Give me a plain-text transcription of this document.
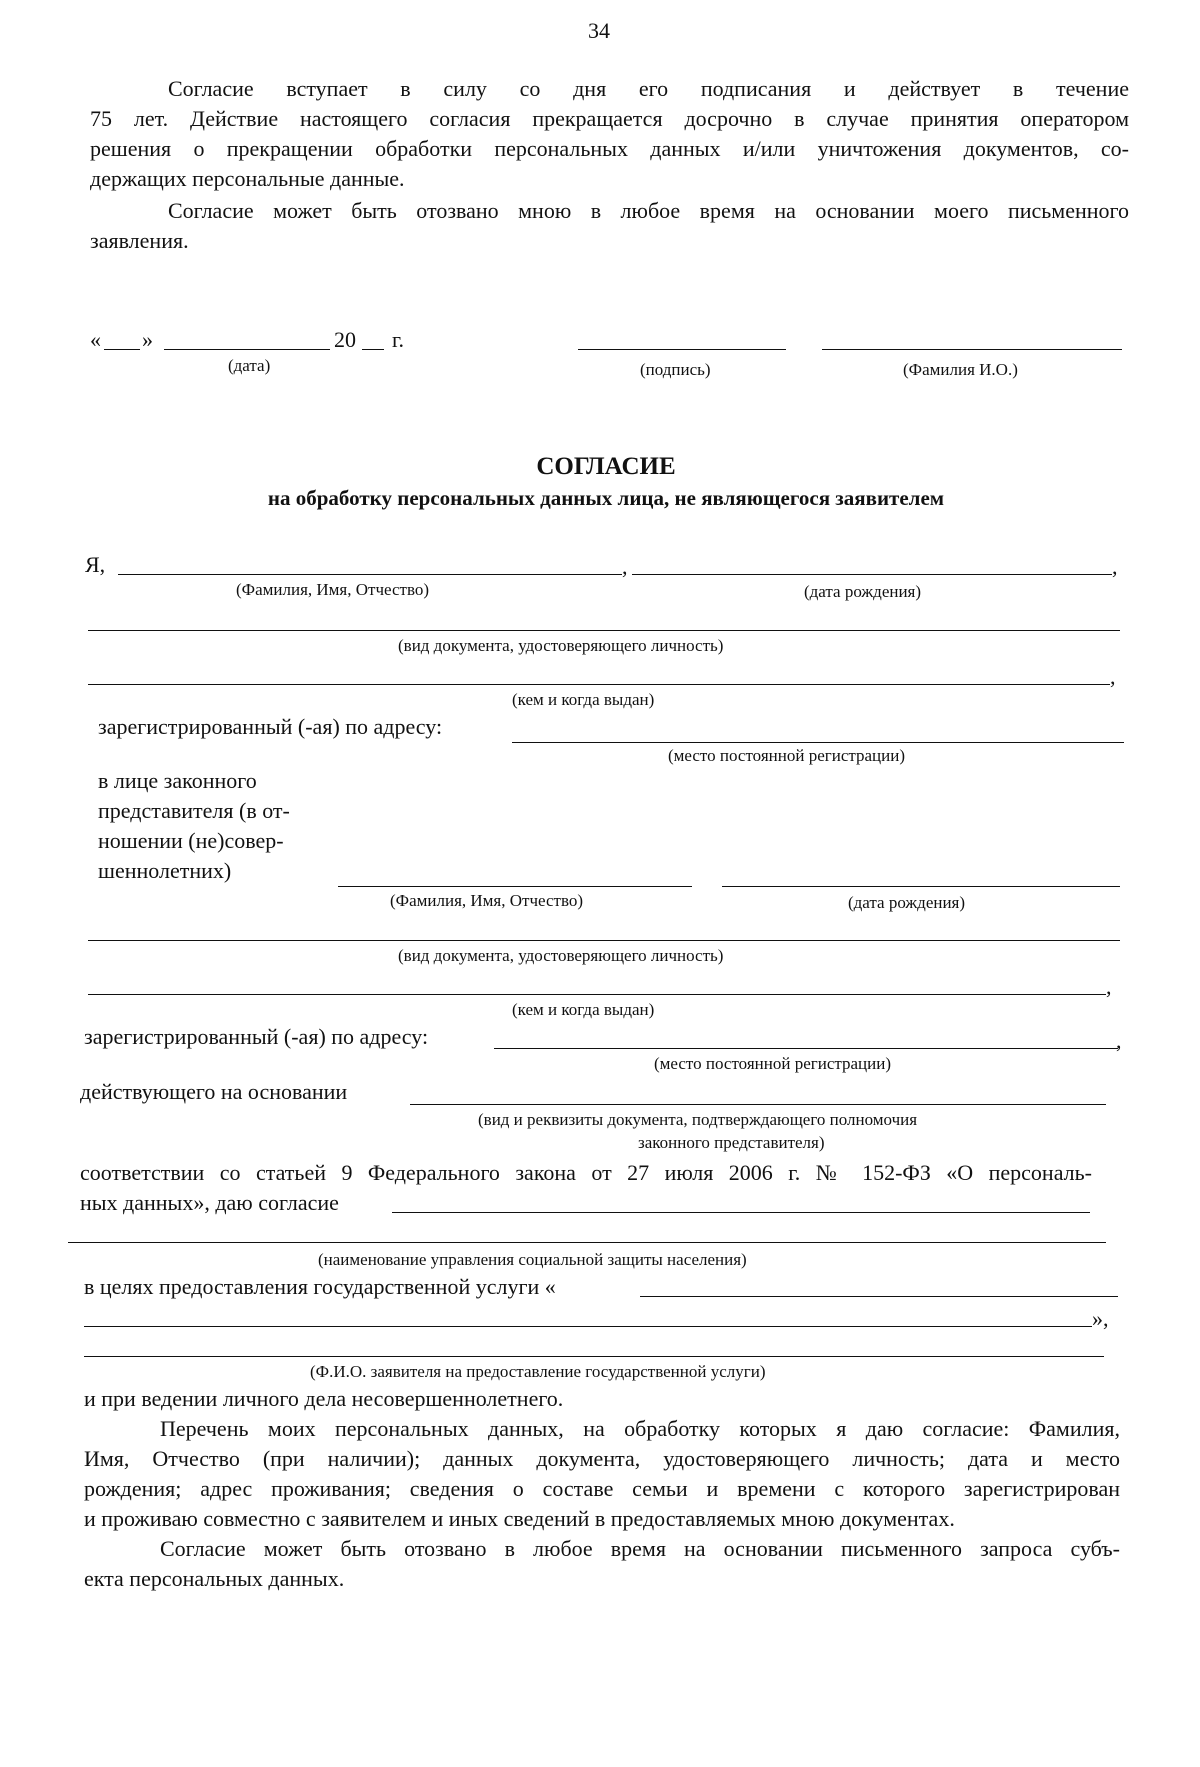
34
Согласие вступает в силу со дня его подписания и действует в течение
75 лет. Действие настоящего согласия прекращается досрочно в случае принятия оператором
решения о прекращении обработки персональных данных и/или уничтожения документов, со-
держащих персональные данные.
Согласие может быть отозвано мною в любое время на основании моего письменного
заявления.
« »	20 г.
(дата)	(подпись)	(Фамилия И.О.)
СОГЛАСИЕ
на обработку персональных данных лица, не являющегося заявителем
Я,	,	,
(Фамилия, Имя, Отчество)	(дата рождения)
(вид документа, удостоверяющего личность)
,
(кем и когда выдан)
зарегистрированный (-ая) по адресу:
(место постоянной регистрации)
в лице законного
представителя (в от-
ношении (не)совер-
шеннолетних)
(Фамилия, Имя, Отчество)	(дата рождения)
(вид документа, удостоверяющего личность)
,
(кем и когда выдан)
зарегистрированный (-ая) по адресу:	,
(место постоянной регистрации)
действующего на основании
(вид и реквизиты документа, подтверждающего полномочия
законного представителя)
соответствии со статьей 9 Федерального закона от 27 июля 2006 г. № 152-ФЗ «О персональ-
ных данных», даю согласие
(наименование управления социальной защиты населения)
в целях предоставления государственной услуги «
»,
(Ф.И.О. заявителя на предоставление государственной услуги)
и при ведении личного дела несовершеннолетнего.
Перечень моих персональных данных, на обработку которых я даю согласие: Фамилия,
Имя, Отчество (при наличии); данных документа, удостоверяющего личность; дата и место
рождения; адрес проживания; сведения о составе семьи и времени с которого зарегистрирован
и проживаю совместно с заявителем и иных сведений в предоставляемых мною документах.
Согласие может быть отозвано в любое время на основании письменного запроса субъ-
екта персональных данных.
